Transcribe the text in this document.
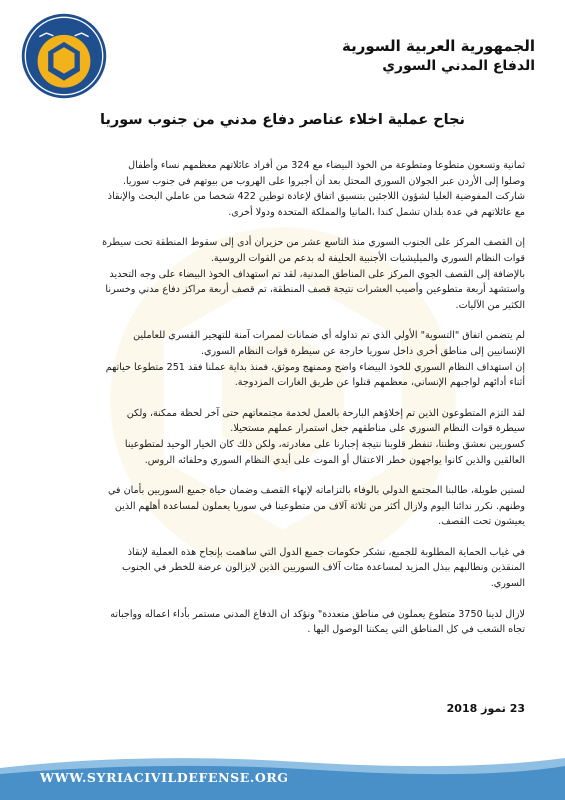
الجمهورية العربية السورية
الدفاع المدني السوري
نجاح عملية اخلاء عناصر دفاع مدني من جنوب سوريا

ثمانية وتسعون متطوعا ومتطوعة من الخوذ البيضاء مع 324 من أفراد عائلاتهم معظمهم نساء وأطفال
وصلوا إلى الأردن عبر الجولان السوري المحتل بعد أن أجبروا على الهروب من بيوتهم في جنوب سوريا.
شاركت المفوضية العليا لشؤون اللاجئين بتنسيق اتفاق لإعادة توطين 422 شخصا من عاملي البحث والإنقاذ
مع عائلاتهم في عدة بلدان تشمل كندا ،المانيا والمملكة المتحدة ودولا أخرى.

إن القصف المركز على الجنوب السوري منذ التاسع عشر من حزيران أدى إلى سقوط المنطقة تحت سيطرة
قوات النظام السوري والميليشيات الأجنبية الحليفة له بدعم من القوات الروسية.
بالإضافة إلى القصف الجوي المركز على المناطق المدنية، لقد تم استهداف الخوذ البيضاء على وجه التحديد
واستشهد أربعة متطوعين وأصيب العشرات نتيجة قصف المنطقة، تم قصف أربعة مراكز دفاع مدني وخسرنا
الكثير من الآليات.

لم يتضمن اتفاق "التسوية" الأولي الذي تم تداوله أي ضمانات لممرات آمنة للتهجير القسري للعاملين
الإنسانيين إلى مناطق أخرى داخل سوريا خارجة عن سيطرة قوات النظام السوري.
إن استهداف النظام السوري للخوذ البيضاء واضح وممنهج وموثق، فمنذ بداية عملنا فقد 251 متطوعا حياتهم
أثناء أدائهم لواجبهم الإنساني، معظمهم قتلوا عن طريق الغارات المزدوجة.

لقد التزم المتطوعون الذين تم إخلاؤهم البارحة بالعمل لخدمة مجتمعاتهم حتى آخر لحظة ممكنة، ولكن
سيطرة قوات النظام السوري على مناطقهم جعل استمرار عملهم مستحيلا.
كسوريين نعشق وطننا، تنفطر قلوبنا نتيجة إجبارنا على مغادرته، ولكن ذلك كان الخيار الوحيد لمتطوعينا
العالقين والذين كانوا يواجهون خطر الاعتقال أو الموت على أيدي النظام السوري وحلفائه الروس.

لسنين طويلة، طالبنا المجتمع الدولي بالوفاء بالتزاماته لإنهاء القصف وضمان حياة جميع السوريين بأمان في
وطنهم. نكرر ندائنا اليوم ولازال أكثر من ثلاثة آلاف من متطوعينا في سوريا يعملون لمساعدة أهلهم الذين
يعيشون تحت القصف.

في غياب الحماية المطلوبة للجميع، نشكر حكومات جميع الدول التي ساهمت بإنجاح هذه العملية لإنقاذ
المنقذين ونطالبهم ببذل المزيد لمساعدة مئات آلاف السوريين الذين لايزالون عرضة للخطر في الجنوب
السوري.

لازال لدينا 3750 متطوع يعملون في مناطق متعددة" ونؤكد ان الدفاع المدني مستمر بأداء اعماله وواجباته
تجاه الشعب في كل المناطق التي يمكننا الوصول اليها .

23 تموز 2018
WWW.SYRIACIVILDEFENSE.ORG
